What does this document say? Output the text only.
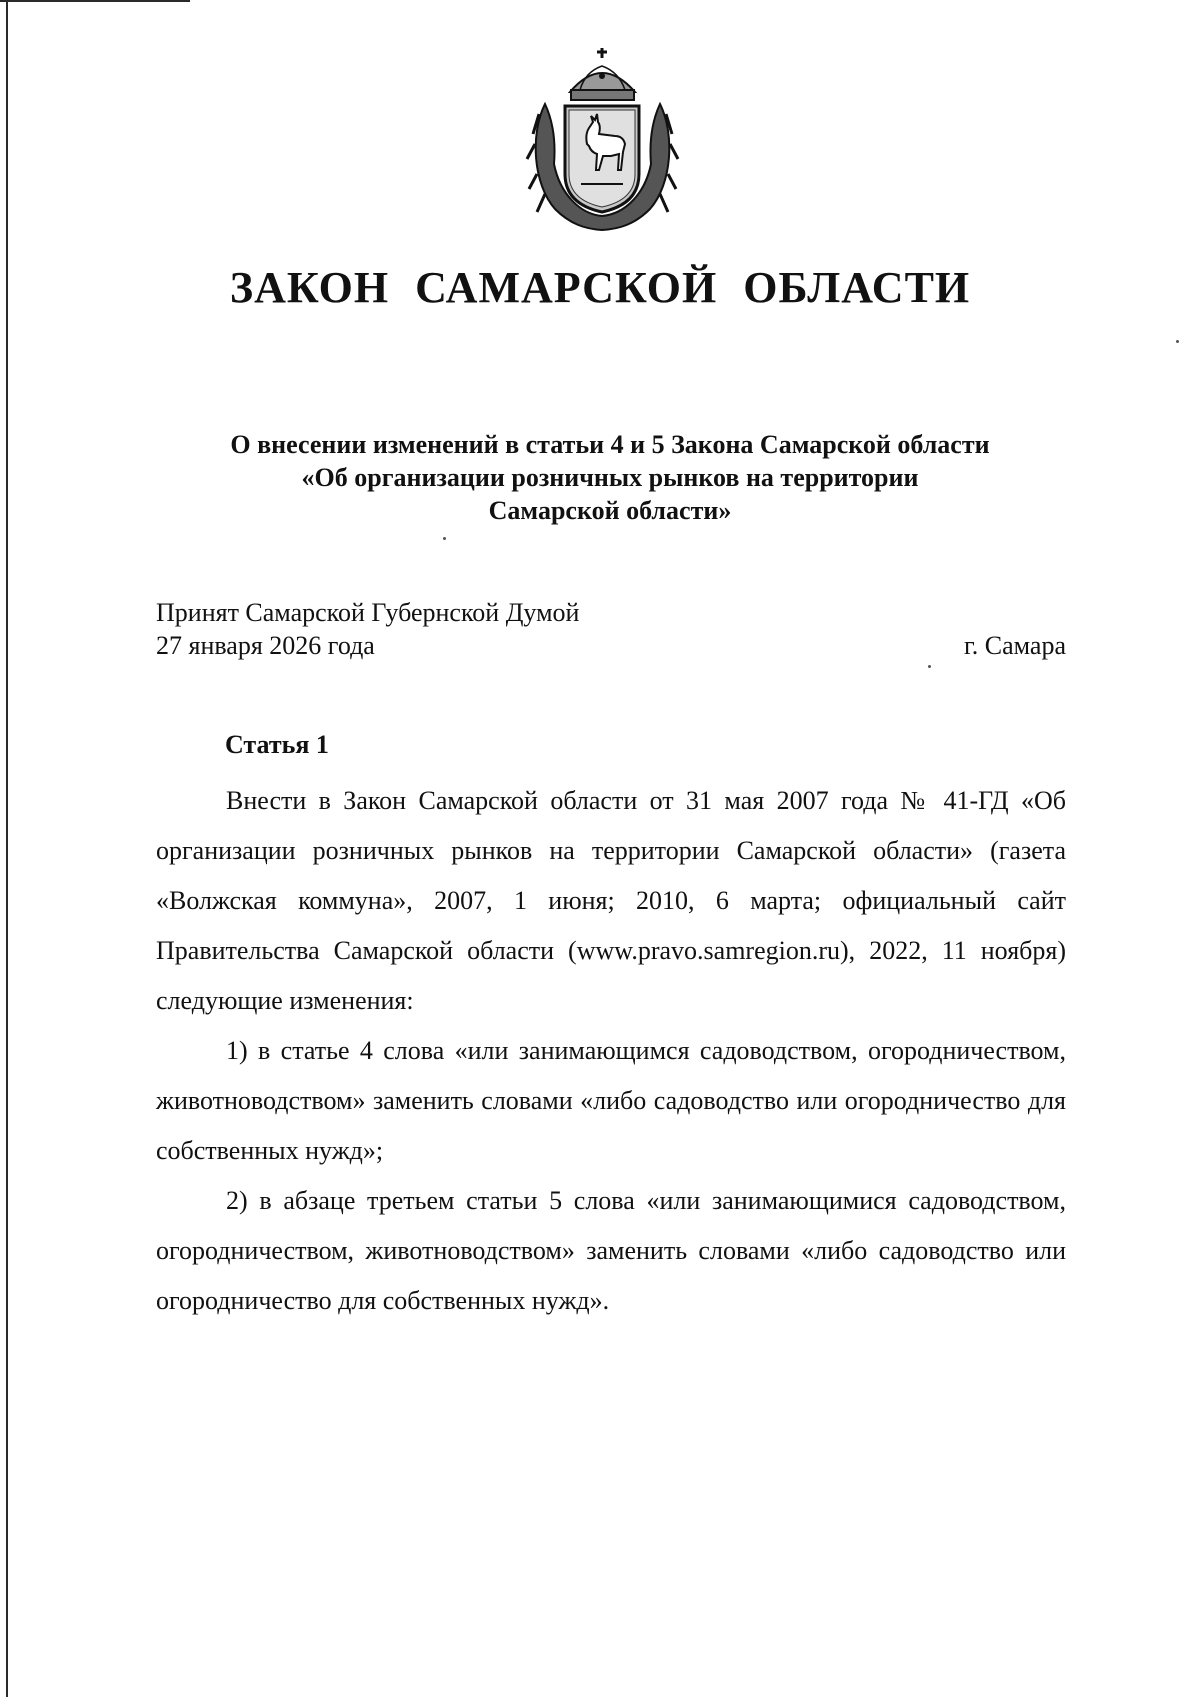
ЗАКОН САМАРСКОЙ ОБЛАСТИ
О внесении изменений в статьи 4 и 5 Закона Самарской области
«Об организации розничных рынков на территории
Самарской области»
Принят Самарской Губернской Думой
27 января 2026 года	г. Самара
Статья 1

Внести в Закон Самарской области от 31 мая 2007 года № 41-ГД «Об организации розничных рынков на территории Самарской области» (газета «Волжская коммуна», 2007, 1 июня; 2010, 6 марта; официальный сайт Правительства Самарской области (www.pravo.samregion.ru), 2022, 11 ноября) следующие изменения:

1) в статье 4 слова «или занимающимся садоводством, огородничеством, животноводством» заменить словами «либо садоводство или огородничество для собственных нужд»;

2) в абзаце третьем статьи 5 слова «или занимающимися садоводством, огородничеством, животноводством» заменить словами «либо садоводство или огородничество для собственных нужд».
